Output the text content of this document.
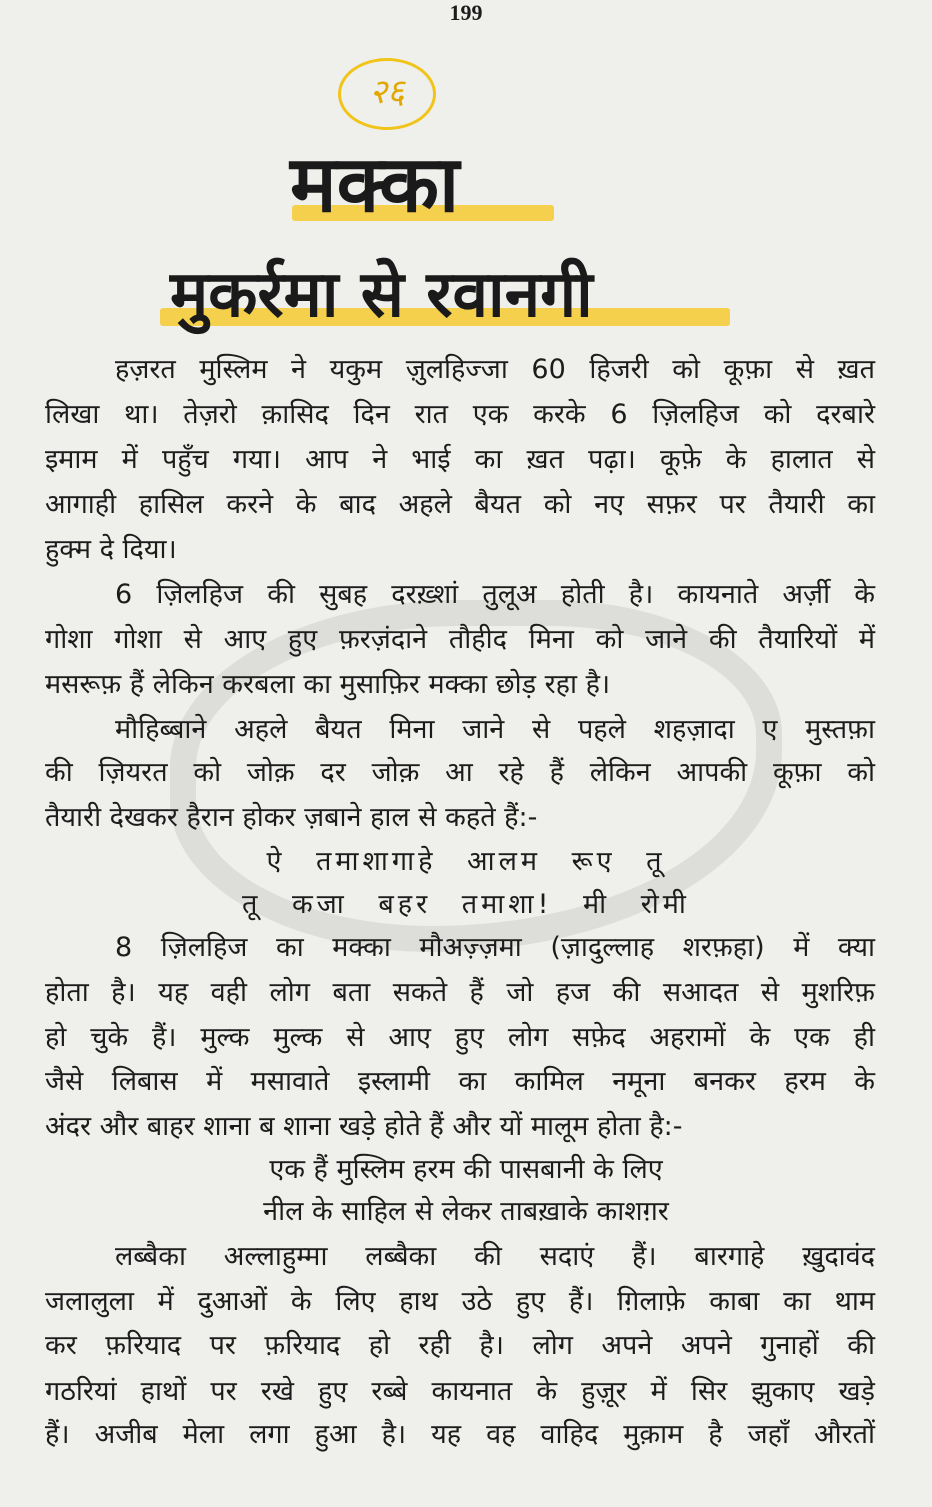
199
२६
मक्का
मुकर्रमा से रवानगी
हज़रत मुस्लिम ने यकुम ज़ुलहिज्जा 60 हिजरी को कूफ़ा से ख़त
लिखा था। तेज़रो क़ासिद दिन रात एक करके 6 ज़िलहिज को दरबारे
इमाम में पहुँच गया। आप ने भाई का ख़त पढ़ा। कूफ़े के हालात से
आगाही हासिल करने के बाद अहले बैयत को नए सफ़र पर तैयारी का
हुक्म दे दिया।
6 ज़िलहिज की सुबह दरख़्शां तुलूअ होती है। कायनाते अर्ज़ी के
गोशा गोशा से आए हुए फ़रज़ंदाने तौहीद मिना को जाने की तैयारियों में
मसरूफ़ हैं लेकिन करबला का मुसाफ़िर मक्का छोड़ रहा है।
मौहिब्बाने अहले बैयत मिना जाने से पहले शहज़ादा ए मुस्तफ़ा
की ज़ियरत को जोक़ दर जोक़ आ रहे हैं लेकिन आपकी कूफ़ा को
तैयारी देखकर हैरान होकर ज़बाने हाल से कहते हैं:-
ऐ तमाशागाहे आलम रूए तू
तू कजा बहर तमाशा! मी रोमी
8 ज़िलहिज का मक्का मौअज़्ज़मा (ज़ादुल्लाह शरफ़हा) में क्या
होता है। यह वही लोग बता सकते हैं जो हज की सआदत से मुशरिफ़
हो चुके हैं। मुल्क मुल्क से आए हुए लोग सफ़ेद अहरामों के एक ही
जैसे लिबास में मसावाते इस्लामी का कामिल नमूना बनकर हरम के
अंदर और बाहर शाना ब शाना खड़े होते हैं और यों मालूम होता है:-
एक हैं मुस्लिम हरम की पासबानी के लिए
नील के साहिल से लेकर ताबख़ाके काशग़र
लब्बैका अल्लाहुम्मा लब्बैका की सदाएं हैं। बारगाहे ख़ुदावंद
जलालुला में दुआओं के लिए हाथ उठे हुए हैं। ग़िलाफ़े काबा का थाम
कर फ़रियाद पर फ़रियाद हो रही है। लोग अपने अपने गुनाहों की
गठरियां हाथों पर रखे हुए रब्बे कायनात के हुज़ूर में सिर झुकाए खड़े
हैं। अजीब मेला लगा हुआ है। यह वह वाहिद मुक़ाम है जहाँ औरतों
